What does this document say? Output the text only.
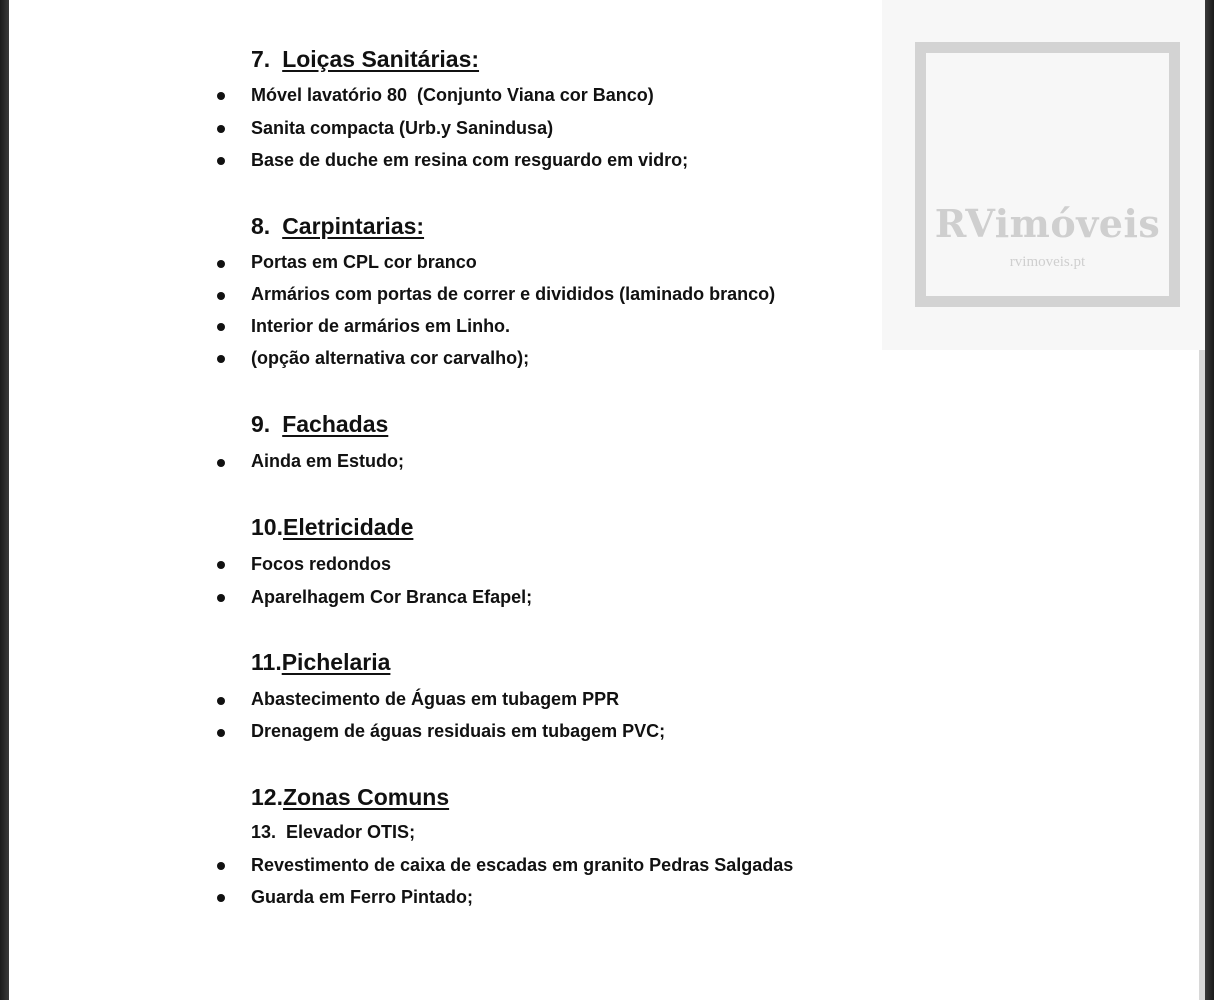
RVimóveis
rvimoveis.pt
7. Loiças Sanitárias:
Móvel lavatório 80  (Conjunto Viana cor Banco)
Sanita compacta (Urb.y Sanindusa)
Base de duche em resina com resguardo em vidro;
8. Carpintarias:
Portas em CPL cor branco
Armários com portas de correr e divididos (laminado branco)
Interior de armários em Linho.
(opção alternativa cor carvalho);
9. Fachadas
Ainda em Estudo;
10.Eletricidade
Focos redondos
Aparelhagem Cor Branca Efapel;
11.Pichelaria
Abastecimento de Águas em tubagem PPR
Drenagem de águas residuais em tubagem PVC;
12.Zonas Comuns
13.  Elevador OTIS;
Revestimento de caixa de escadas em granito Pedras Salgadas
Guarda em Ferro Pintado;
